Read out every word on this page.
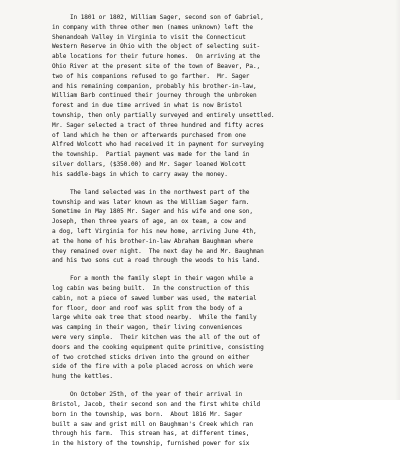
In 1801 or 1802, William Sager, second son of Gabriel,
in company with three other men (names unknown) left the
Shenandoah Valley in Virginia to visit the Connecticut
Western Reserve in Ohio with the object of selecting suit-
able locations for their future homes.  On arriving at the
Ohio River at the present site of the town of Beaver, Pa.,
two of his companions refused to go farther.  Mr. Sager
and his remaining companion, probably his brother-in-law,
William Barb continued their journey through the unbroken
forest and in due time arrived in what is now Bristol
township, then only partially surveyed and entirely unsettled.
Mr. Sager selected a tract of three hundred and fifty acres
of land which he then or afterwards purchased from one
Alfred Wolcott who had received it in payment for surveying
the township.  Partial payment was made for the land in
silver dollars, ($350.00) and Mr. Sager loaned Wolcott
his saddle-bags in which to carry away the money.
The land selected was in the northwest part of the
township and was later known as the William Sager farm.
Sometime in May 1805 Mr. Sager and his wife and one son,
Joseph, then three years of age, an ox team, a cow and
a dog, left Virginia for his new home, arriving June 4th,
at the home of his brother-in-law Abraham Baughman where
they remained over night.  The next day he and Mr. Baughman
and his two sons cut a road through the woods to his land.
For a month the family slept in their wagon while a
log cabin was being built.  In the construction of this
cabin, not a piece of sawed lumber was used, the material
for floor, door and roof was split from the body of a
large white oak tree that stood nearby.  While the family
was camping in their wagon, their living conveniences
were very simple.  Their kitchen was the all of the out of
doors and the cooking equipment quite primitive, consisting
of two crotched sticks driven into the ground on either
side of the fire with a pole placed across on which were
hung the kettles.
On October 25th, of the year of their arrival in
Bristol, Jacob, their second son and the first white child
born in the township, was born.  About 1816 Mr. Sager
built a saw and grist mill on Baughman's Creek which ran
through his farm.  This stream has, at different times,
in the history of the township, furnished power for six
